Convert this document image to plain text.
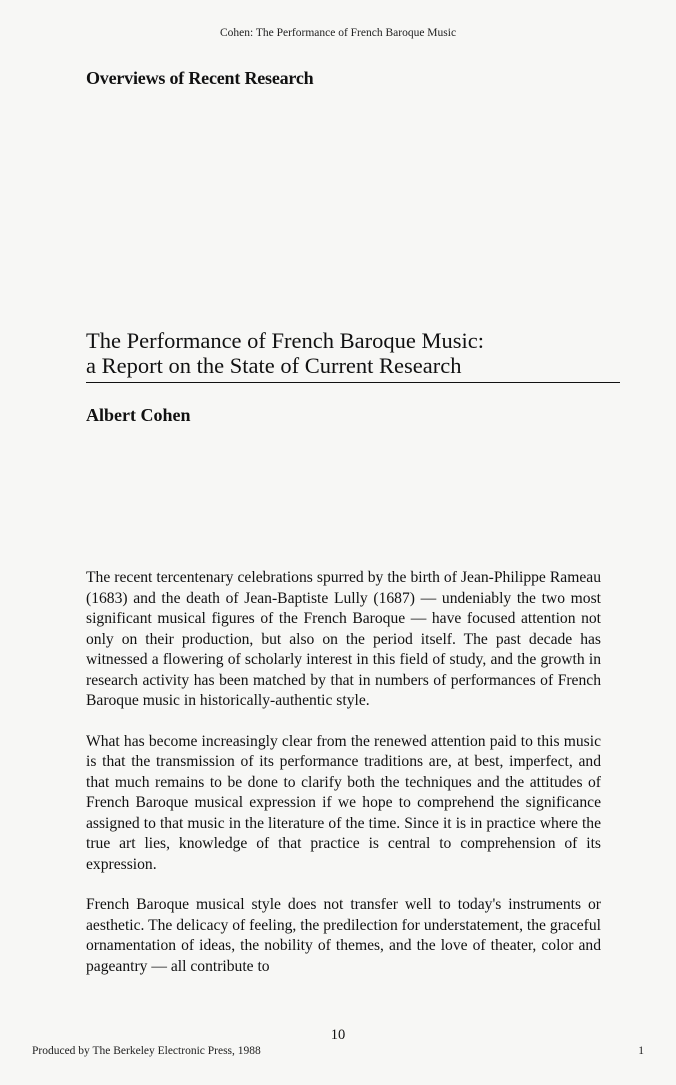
Cohen: The Performance of French Baroque Music
Overviews of Recent Research
The Performance of French Baroque Music:
a Report on the State of Current Research
Albert Cohen

The recent tercentenary celebrations spurred by the birth of Jean-Philippe Rameau (1683) and the death of Jean-Baptiste Lully (1687) — undeniably the two most significant musical figures of the French Baroque — have focused attention not only on their production, but also on the period itself. The past decade has witnessed a flowering of scholarly interest in this field of study, and the growth in research activity has been matched by that in numbers of performances of French Baroque music in historically-authentic style.

What has become increasingly clear from the renewed attention paid to this music is that the transmission of its performance traditions are, at best, imperfect, and that much remains to be done to clarify both the techniques and the attitudes of French Baroque musical expression if we hope to comprehend the significance assigned to that music in the literature of the time. Since it is in practice where the true art lies, knowledge of that practice is central to comprehension of its expression.

French Baroque musical style does not transfer well to today's instruments or aesthetic. The delicacy of feeling, the predilection for understatement, the graceful ornamentation of ideas, the nobility of themes, and the love of theater, color and pageantry — all contribute to

10
Produced by The Berkeley Electronic Press, 1988	1
